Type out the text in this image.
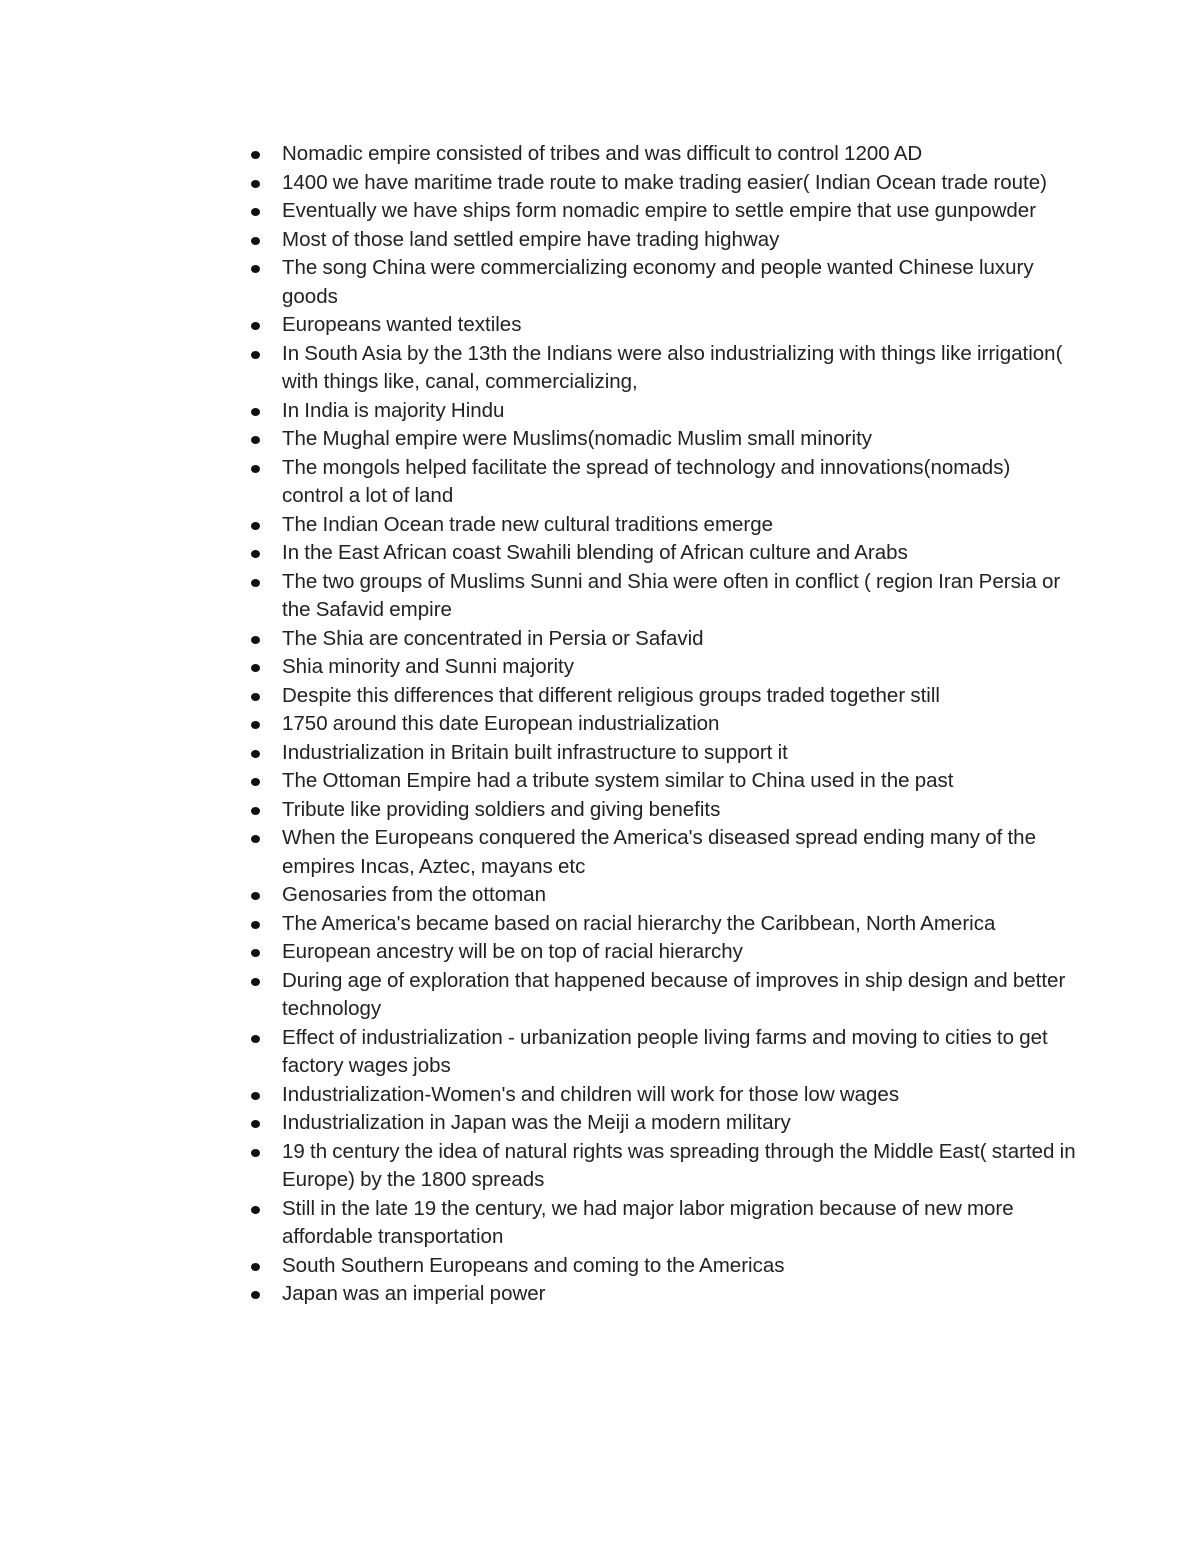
Nomadic empire consisted of tribes and was difficult to control 1200 AD
1400 we have maritime trade route to make trading easier( Indian Ocean trade route)
Eventually we have ships form nomadic empire to settle empire that use gunpowder
Most of those land settled empire have trading highway
The song China were commercializing economy and people wanted Chinese luxury goods
Europeans wanted textiles
In South Asia by the 13th the Indians were also industrializing with things like irrigation( with things like, canal, commercializing,
In India is majority Hindu
The Mughal empire were Muslims(nomadic Muslim small minority
The mongols helped facilitate the spread of technology and innovations(nomads) control a lot of land
The Indian Ocean trade new cultural traditions emerge
In the East African coast Swahili blending of African culture and Arabs
The two groups of Muslims Sunni and Shia were often in conflict ( region Iran Persia or the Safavid empire
The Shia are concentrated in Persia or Safavid
Shia minority and Sunni majority
Despite this differences that different religious groups traded together still
1750 around this date European industrialization
Industrialization in Britain built infrastructure to support it
The Ottoman Empire had a tribute system similar to China used in the past
Tribute like providing soldiers and giving benefits
When the Europeans conquered the America's diseased spread ending many of the empires Incas, Aztec, mayans etc
Genosaries from the ottoman
The America's became based on racial hierarchy the Caribbean, North America
European ancestry will be on top of racial hierarchy
During age of exploration that happened because of improves in ship design and better technology
Effect of industrialization - urbanization people living farms and moving to cities to get factory wages jobs
Industrialization-Women's and children will work for those low wages
Industrialization in Japan was the Meiji a modern military
19 th century the idea of natural rights was spreading through the Middle East( started in Europe) by the 1800 spreads
Still in the late 19 the century, we had major labor migration because of new more affordable transportation
South Southern Europeans and coming to the Americas
Japan was an imperial power
